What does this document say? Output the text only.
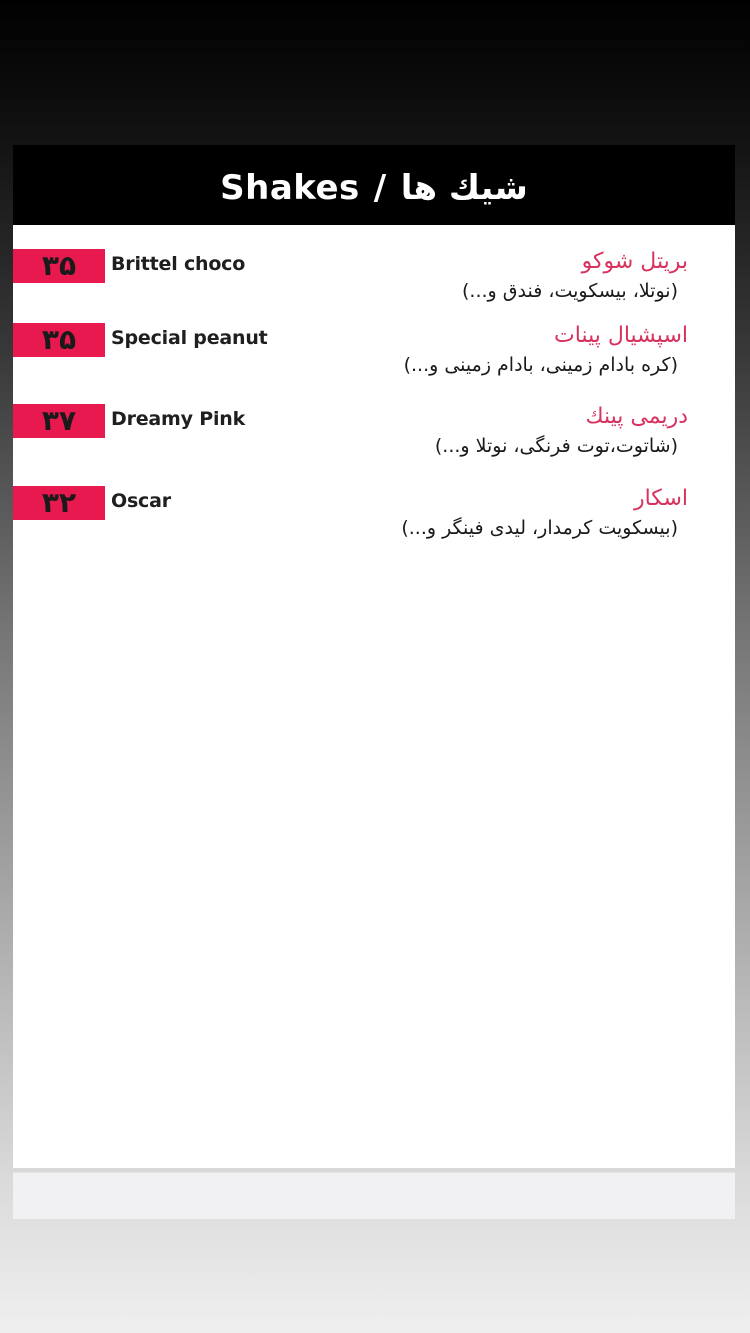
Shakes / شیك ها
۳۵	Brittel choco	بریتل شوکو
(نوتلا، بیسکویت، فندق و...)
۳۵	Special peanut	اسپشیال پینات
(کره بادام زمینی، بادام زمینی و...)
۳۷	Dreamy Pink	دریمی پینك
(شاتوت،توت فرنگی، نوتلا و...)
۳۲	Oscar	اسکار
(بیسکویت کرمدار، لیدی فینگر و...)
